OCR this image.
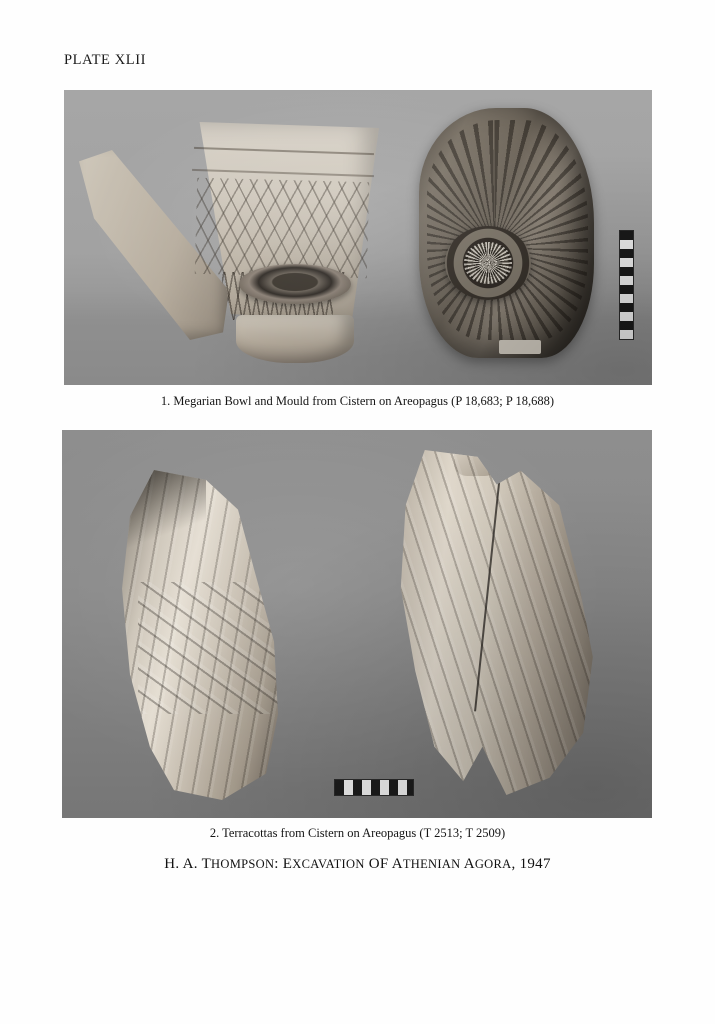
PLATE XLII
1. Megarian Bowl and Mould from Cistern on Areopagus (P 18,683; P 18,688)
2. Terracottas from Cistern on Areopagus (T 2513; T 2509)
H. A. THOMPSON: EXCAVATION OF ATHENIAN AGORA, 1947
